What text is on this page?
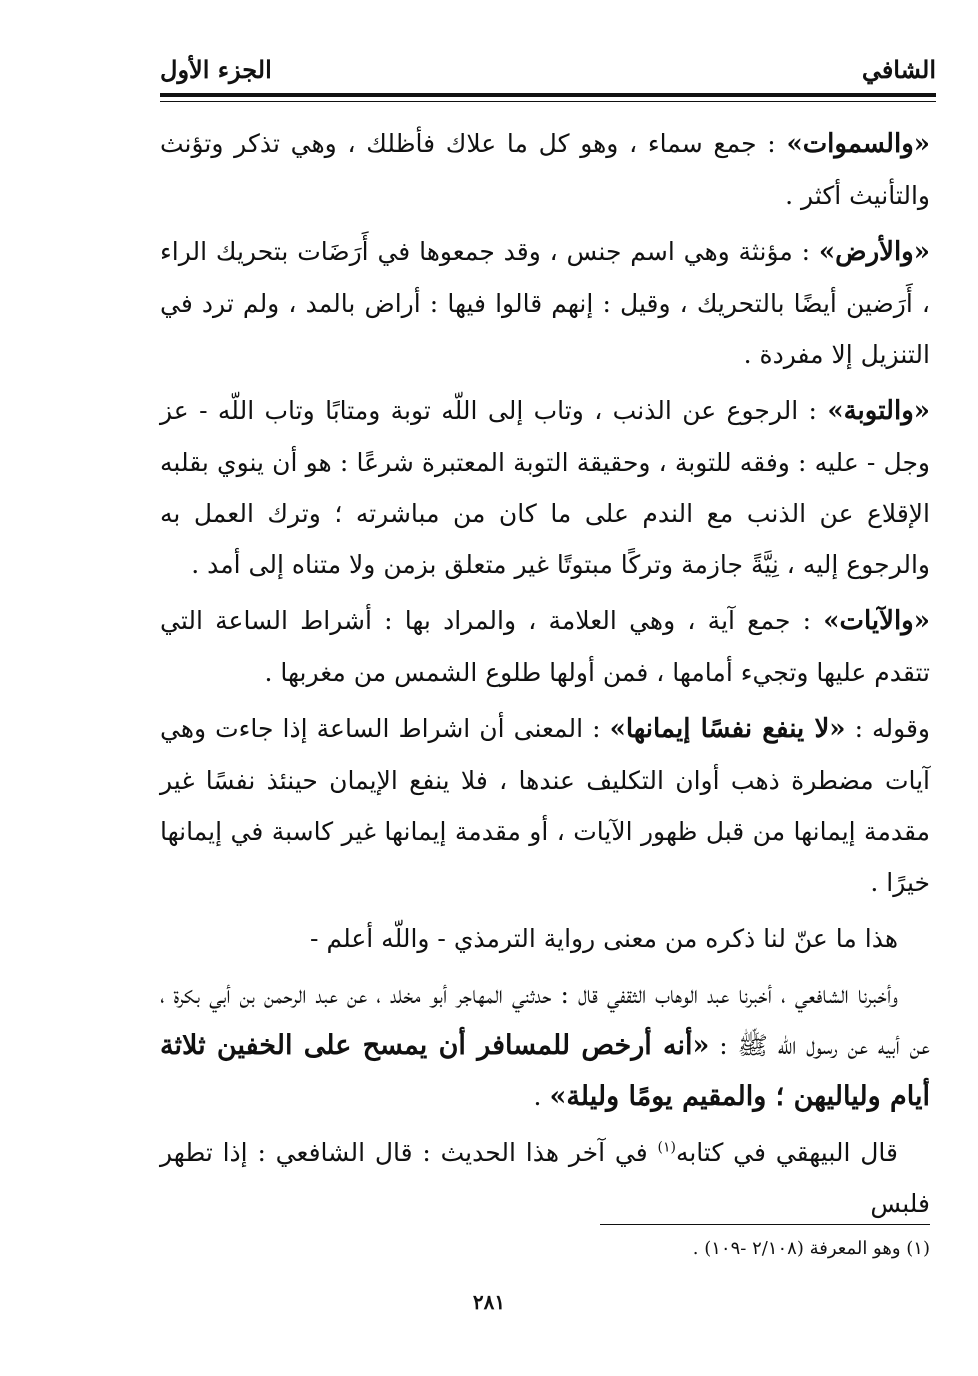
الشافي
الجزء الأول

«والسموات» : جمع سماء ، وهو كل ما علاك فأظلك ، وهي تذكر وتؤنث والتأنيث أكثر .

«والأرض» : مؤنثة وهي اسم جنس ، وقد جمعوها في أَرَضَات بتحريك الراء ، أَرَضين أيضًا بالتحريك ، وقيل : إنهم قالوا فيها : أراض بالمد ، ولم ترد في التنزيل إلا مفردة .

«والتوبة» : الرجوع عن الذنب ، وتاب إلى اللّه توبة ومتابًا وتاب اللّه - عز وجل - عليه : وفقه للتوبة ، وحقيقة التوبة المعتبرة شرعًا : هو أن ينوي بقلبه الإقلاع عن الذنب مع الندم على ما كان من مباشرته ؛ وترك العمل به والرجوع إليه ، نِيَّةً جازمة وتركًا مبتوتًا غير متعلق بزمن ولا متناه إلى أمد .

«والآيات» : جمع آية ، وهي العلامة ، والمراد بها : أشراط الساعة التي تتقدم عليها وتجيء أمامها ، فمن أولها طلوع الشمس من مغربها .

وقوله : «لا ينفع نفسًا إيمانها» : المعنى أن اشراط الساعة إذا جاءت وهي آيات مضطرة ذهب أوان التكليف عندها ، فلا ينفع الإيمان حينئذ نفسًا غير مقدمة إيمانها من قبل ظهور الآيات ، أو مقدمة إيمانها غير كاسبة في إيمانها خيرًا .

هذا ما عنّ لنا ذكره من معنى رواية الترمذي - واللّه أعلم -

وأخبرنا الشافعي ، أخبرنا عبد الوهاب الثقفي قال : حدثني المهاجر أبو مخلد ، عن عبد الرحمن بن أبي بكرة ، عن أبيه عن رسول اللّه ﷺ : «أنه أرخص للمسافر أن يمسح على الخفين ثلاثة أيام ولياليهن ؛ والمقيم يومًا وليلة» .

قال البيهقي في كتابه$^{(١)}$ في آخر هذا الحديث : قال الشافعي : إذا تطهر فلبس

(١) وهو المعرفة (٢/١٠٨ -١٠٩) .
٢٨١
